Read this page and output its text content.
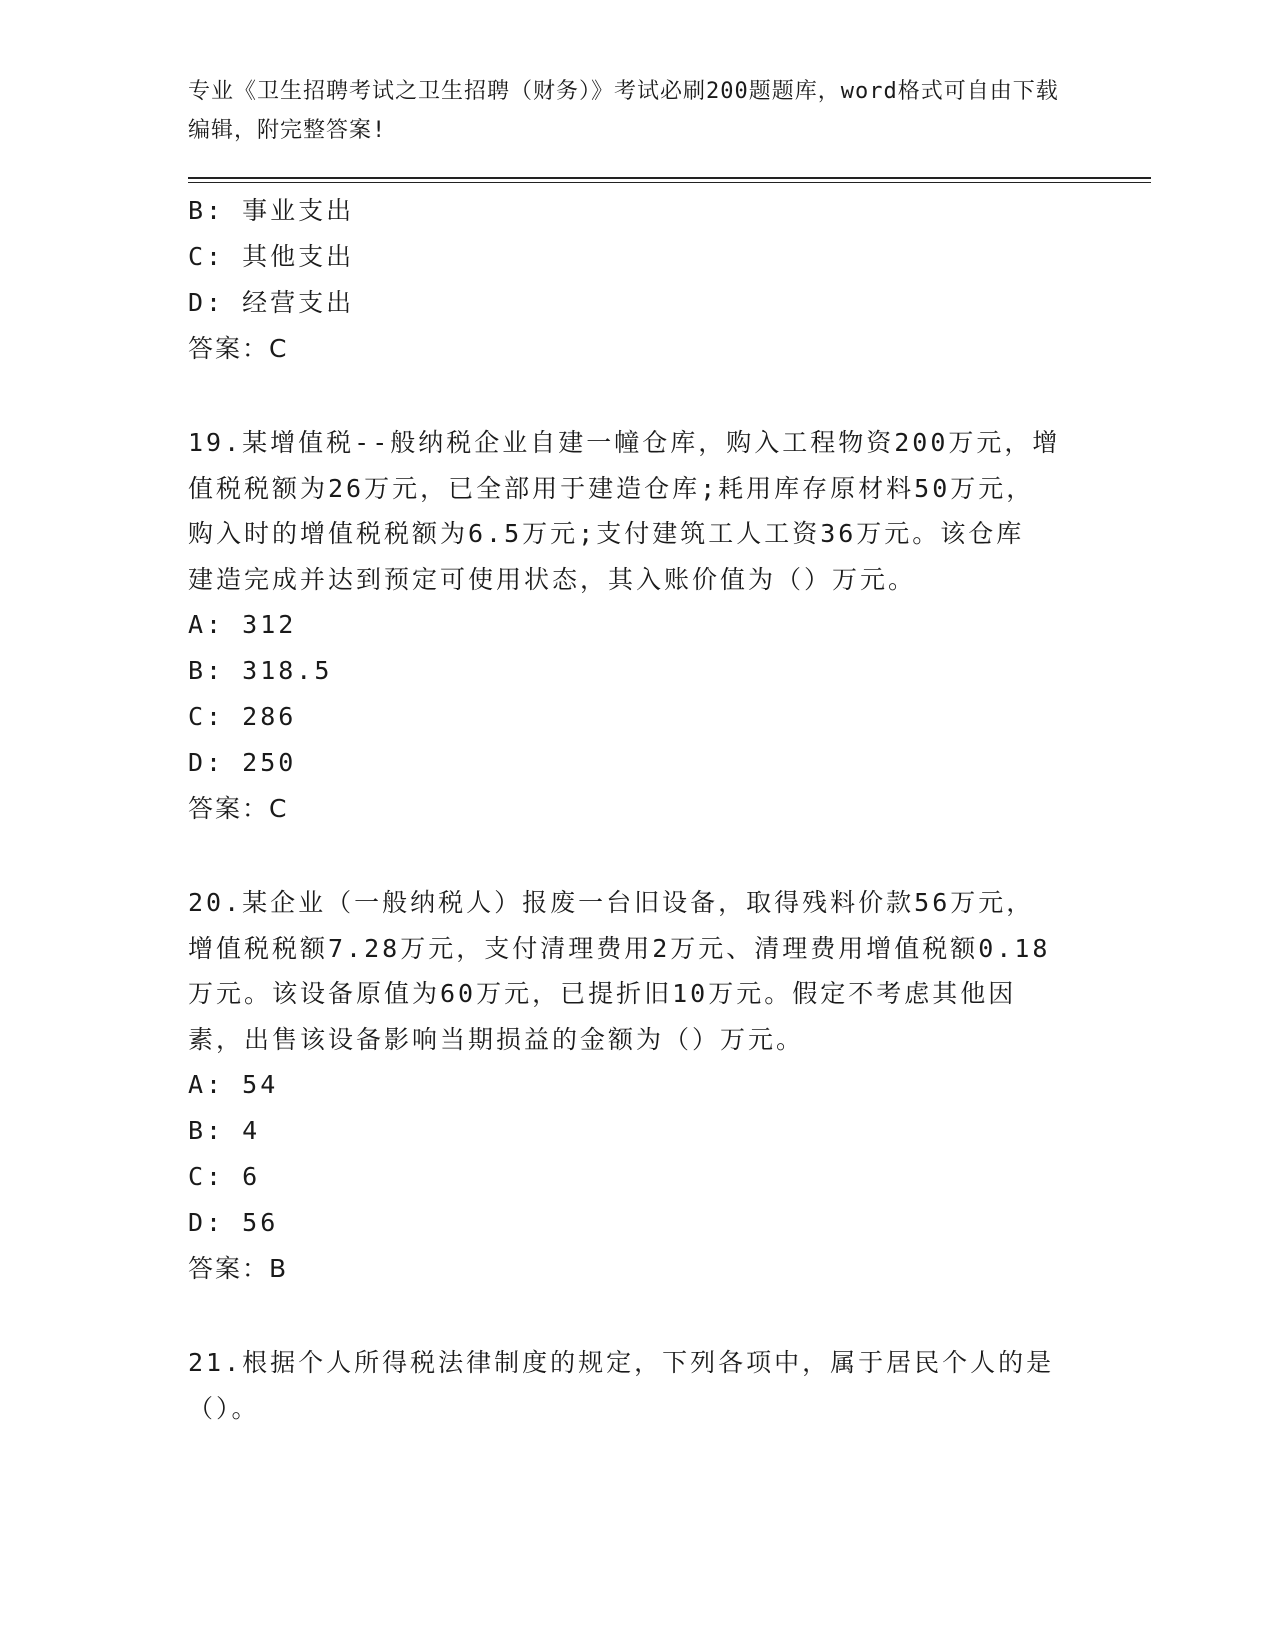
专业《卫生招聘考试之卫生招聘（财务）》考试必刷200题题库，word格式可自由下载编辑，附完整答案!
B: 事业支出
C: 其他支出
D: 经营支出
答案：C
19.某增值税--般纳税企业自建一幢仓库，购入工程物资200万元，增
值税税额为26万元，已全部用于建造仓库;耗用库存原材料50万元，
购入时的增值税税额为6.5万元;支付建筑工人工资36万元。该仓库
建造完成并达到预定可使用状态，其入账价值为（）万元。
A: 312
B: 318.5
C: 286
D: 250
答案：C
20.某企业（一般纳税人）报废一台旧设备，取得残料价款56万元，
增值税税额7.28万元，支付清理费用2万元、清理费用增值税额0.18
万元。该设备原值为60万元，已提折旧10万元。假定不考虑其他因
素，出售该设备影响当期损益的金额为（）万元。
A: 54
B: 4
C: 6
D: 56
答案：B
21.根据个人所得税法律制度的规定，下列各项中，属于居民个人的是
（）。
